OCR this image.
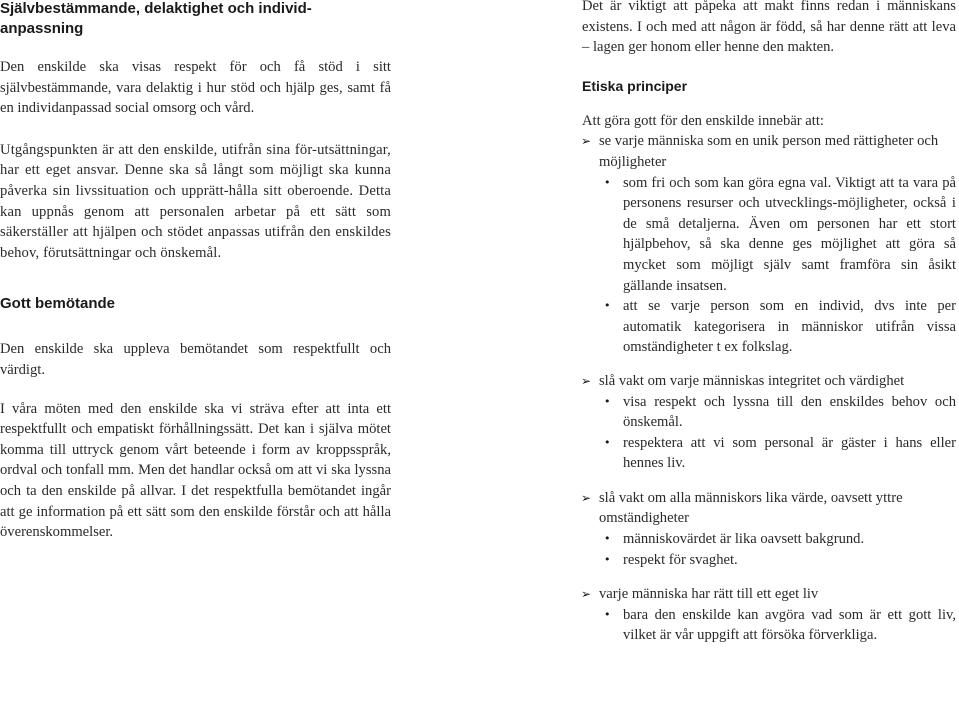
Självbestämmande, delaktighet och individ-anpassning

Den enskilde ska visas respekt för och få stöd i sitt självbestämmande, vara delaktig i hur stöd och hjälp ges, samt få en individanpassad social omsorg och vård.

Utgångspunkten är att den enskilde, utifrån sina för-utsättningar, har ett eget ansvar. Denne ska så långt som möjligt ska kunna påverka sin livssituation och upprätt-hålla sitt oberoende. Detta kan uppnås genom att personalen arbetar på ett sätt som säkerställer att hjälpen och stödet anpassas utifrån den enskildes behov, förutsättningar och önskemål.

Gott bemötande

Den enskilde ska uppleva bemötandet som respektfullt och värdigt.

I våra möten med den enskilde ska vi sträva efter att inta ett respektfullt och empatiskt förhållningssätt. Det kan i själva mötet komma till uttryck genom vårt beteende i form av kroppsspråk, ordval och tonfall mm. Men det handlar också om att vi ska lyssna och ta den enskilde på allvar. I det respektfulla bemötandet ingår att ge information på ett sätt som den enskilde förstår och att hålla överenskommelser.

Det är viktigt att påpeka att makt finns redan i människans existens. I och med att någon är född, så har denne rätt att leva – lagen ger honom eller henne den makten.

Etiska principer

Att göra gott för den enskilde innebär att:

➢ se varje människa som en unik person med rättigheter och möjligheter
• som fri och som kan göra egna val. Viktigt att ta vara på personens resurser och utvecklings-möjligheter, också i de små detaljerna. Även om personen har ett stort hjälpbehov, så ska denne ges möjlighet att göra så mycket som möjligt själv samt framföra sin åsikt gällande insatsen.
• att se varje person som en individ, dvs inte per automatik kategorisera in människor utifrån vissa omständigheter t ex folkslag.
➢ slå vakt om varje människas integritet och värdighet
• visa respekt och lyssna till den enskildes behov och önskemål.
• respektera att vi som personal är gäster i hans eller hennes liv.
➢ slå vakt om alla människors lika värde, oavsett yttre omständigheter
• människovärdet är lika oavsett bakgrund.
• respekt för svaghet.
➢ varje människa har rätt till ett eget liv
• bara den enskilde kan avgöra vad som är ett gott liv, vilket är vår uppgift att försöka förverkliga.
